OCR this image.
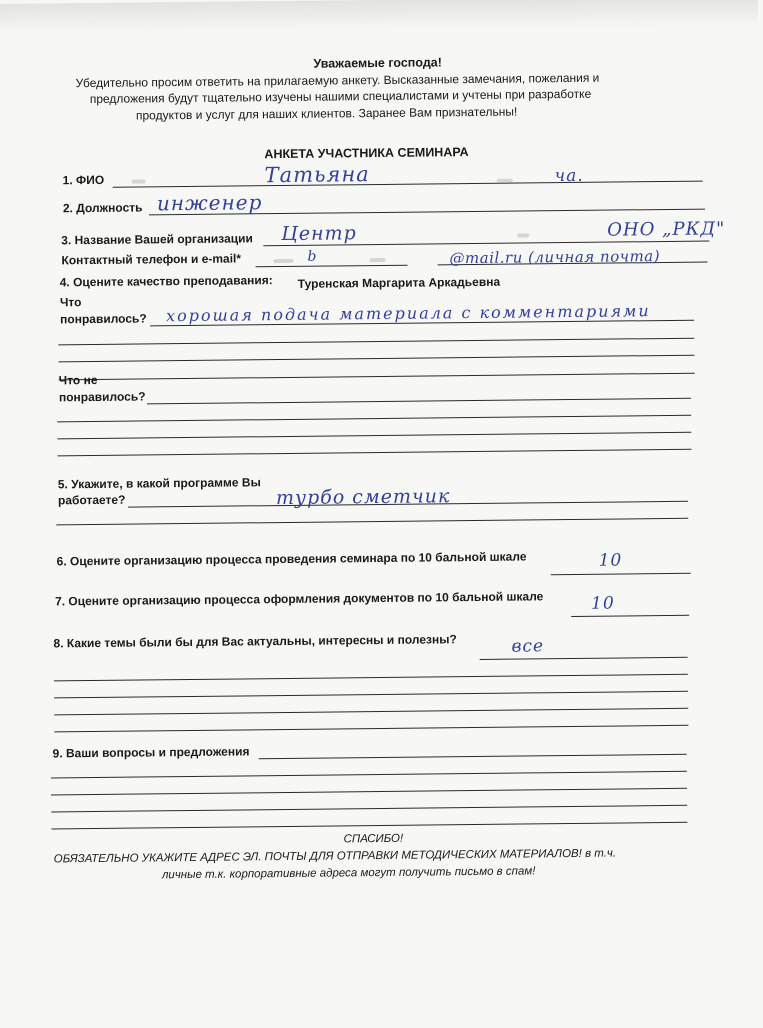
Уважаемые господа!
Убедительно просим ответить на прилагаемую анкету. Высказанные замечания, пожелания и
предложения будут тщательно изучены нашими специалистами и учтены при разработке
продуктов и услуг для наших клиентов. Заранее Вам признательны!
АНКЕТА УЧАСТНИКА СЕМИНАРА
1. ФИО	Татьяна	ча.
2. Должность инженер
3. Название Вашей организации Центр	ОНО „РКД"
Контактный телефон и e-mail*	b	@mail.ru (личная почта)
4. Оцените качество преподавания: Туренская Маргарита Аркадьевна
Что
понравилось? хорошая подача материала с комментариями
Что не
понравилось?
5. Укажите, в какой программе Вы
работаете?	турбо сметчик
6. Оцените организацию процесса проведения семинара по 10 бальной шкале	10
7. Оцените организацию процесса оформления документов по 10 бальной шкале	10
8. Какие темы были бы для Вас актуальны, интересны и полезны?	все
9. Ваши вопросы и предложения
СПАСИБО!
ОБЯЗАТЕЛЬНО УКАЖИТЕ АДРЕС ЭЛ. ПОЧТЫ ДЛЯ ОТПРАВКИ МЕТОДИЧЕСКИХ МАТЕРИАЛОВ! в т.ч.
личные т.к. корпоративные адреса могут получить письмо в спам!
